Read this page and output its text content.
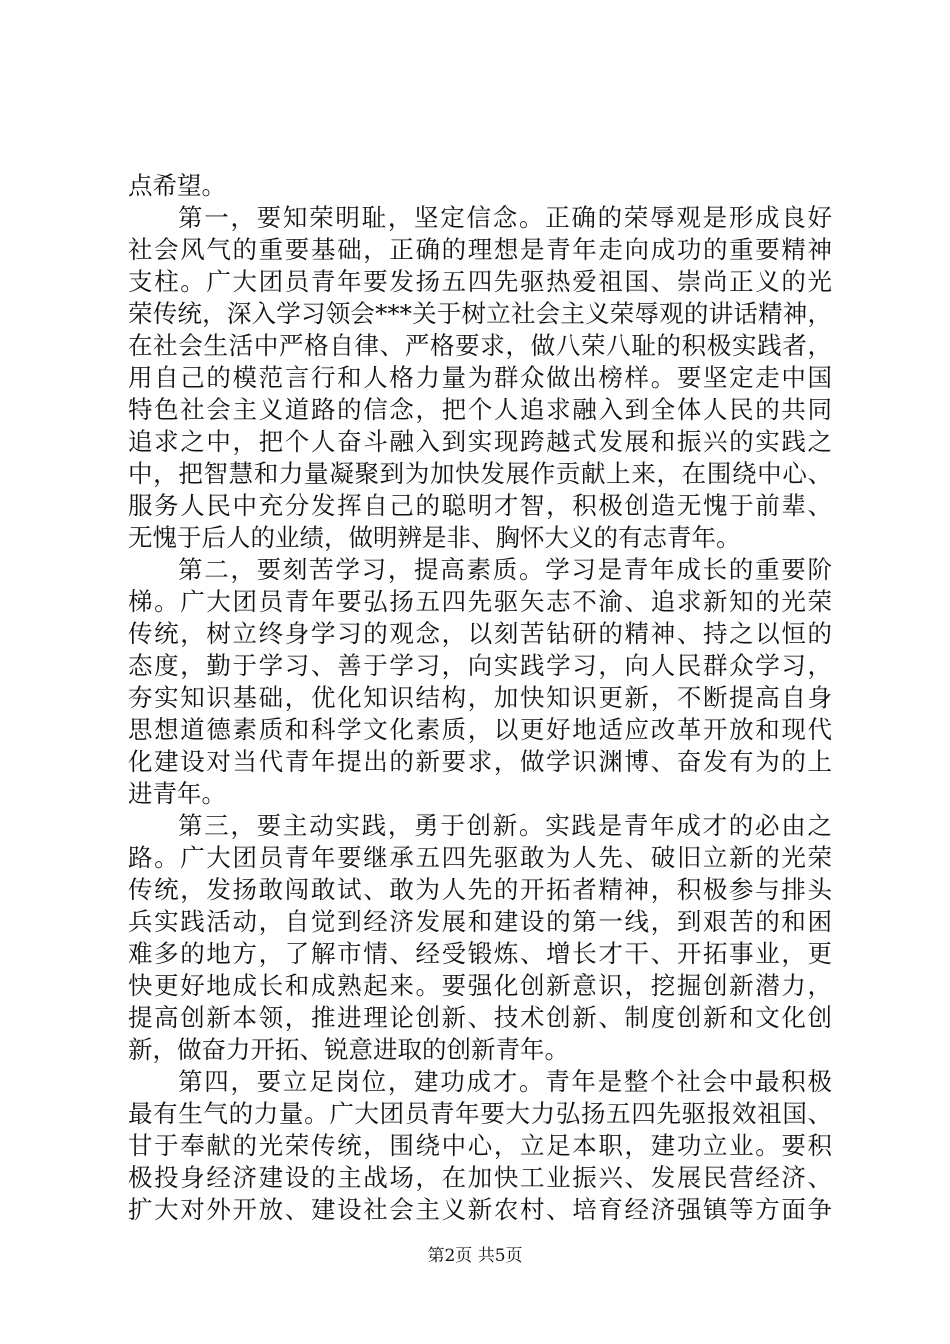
点希望。
第一，要知荣明耻，坚定信念。正确的荣辱观是形成良好
社会风气的重要基础，正确的理想是青年走向成功的重要精神
支柱。广大团员青年要发扬五四先驱热爱祖国、崇尚正义的光
荣传统，深入学习领会***关于树立社会主义荣辱观的讲话精神，
在社会生活中严格自律、严格要求，做八荣八耻的积极实践者，
用自己的模范言行和人格力量为群众做出榜样。要坚定走中国
特色社会主义道路的信念，把个人追求融入到全体人民的共同
追求之中，把个人奋斗融入到实现跨越式发展和振兴的实践之
中，把智慧和力量凝聚到为加快发展作贡献上来，在围绕中心、
服务人民中充分发挥自己的聪明才智，积极创造无愧于前辈、
无愧于后人的业绩，做明辨是非、胸怀大义的有志青年。
第二，要刻苦学习，提高素质。学习是青年成长的重要阶
梯。广大团员青年要弘扬五四先驱矢志不渝、追求新知的光荣
传统，树立终身学习的观念，以刻苦钻研的精神、持之以恒的
态度，勤于学习、善于学习，向实践学习，向人民群众学习，
夯实知识基础，优化知识结构，加快知识更新，不断提高自身
思想道德素质和科学文化素质，以更好地适应改革开放和现代
化建设对当代青年提出的新要求，做学识渊博、奋发有为的上
进青年。
第三，要主动实践，勇于创新。实践是青年成才的必由之
路。广大团员青年要继承五四先驱敢为人先、破旧立新的光荣
传统，发扬敢闯敢试、敢为人先的开拓者精神，积极参与排头
兵实践活动，自觉到经济发展和建设的第一线，到艰苦的和困
难多的地方，了解市情、经受锻炼、增长才干、开拓事业，更
快更好地成长和成熟起来。要强化创新意识，挖掘创新潜力，
提高创新本领，推进理论创新、技术创新、制度创新和文化创
新，做奋力开拓、锐意进取的创新青年。
第四，要立足岗位，建功成才。青年是整个社会中最积极
最有生气的力量。广大团员青年要大力弘扬五四先驱报效祖国、
甘于奉献的光荣传统，围绕中心，立足本职，建功立业。要积
极投身经济建设的主战场，在加快工业振兴、发展民营经济、
扩大对外开放、建设社会主义新农村、培育经济强镇等方面争
第2页 共5页
